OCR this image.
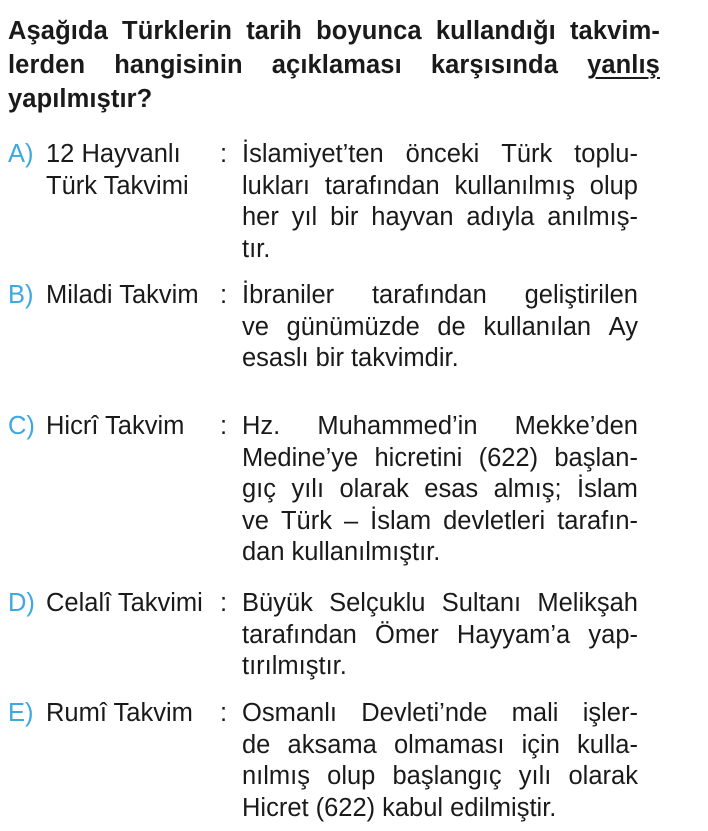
Aşağıda Türklerin tarih boyunca kullandığı takvim-
lerden hangisinin açıklaması karşısında yanlış
yapılmıştır?
A) 12 Hayvanlı
Türk Takvimi
: İslamiyet’ten önceki Türk toplu-
lukları tarafından kullanılmış olup
her yıl bir hayvan adıyla anılmış-
tır.
B) Miladi Takvim : İbraniler tarafından geliştirilen
ve günümüzde de kullanılan Ay
esaslı bir takvimdir.
C) Hicrî Takvim : Hz. Muhammed’in Mekke’den
Medine’ye hicretini (622) başlan-
gıç yılı olarak esas almış; İslam
ve Türk – İslam devletleri tarafın-
dan kullanılmıştır.
D) Celalî Takvimi : Büyük Selçuklu Sultanı Melikşah
tarafından Ömer Hayyam’a yap-
tırılmıştır.
E) Rumî Takvim : Osmanlı Devleti’nde mali işler-
de aksama olmaması için kulla-
nılmış olup başlangıç yılı olarak
Hicret (622) kabul edilmiştir.
